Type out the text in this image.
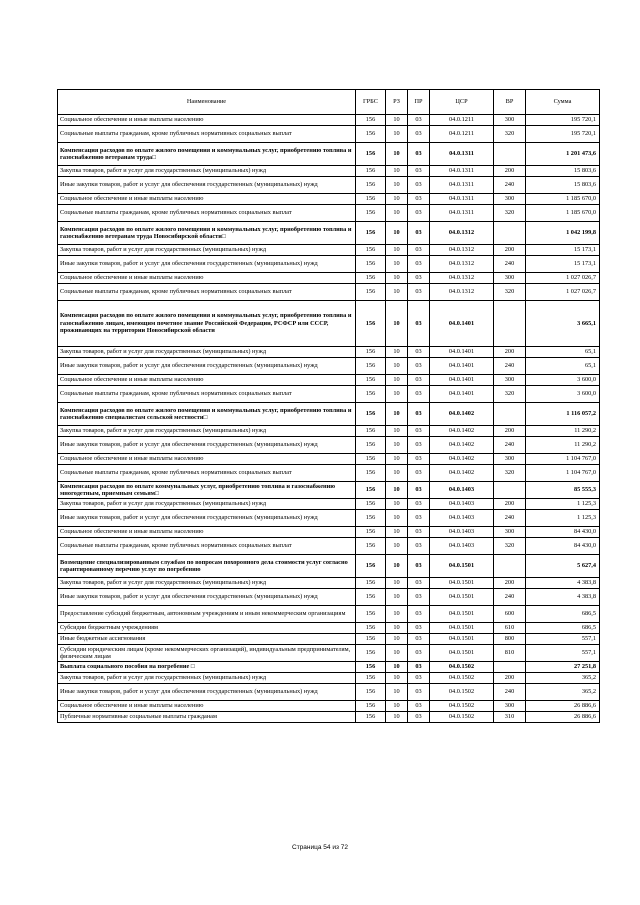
Наименование	ГРБС	РЗ	ПР	ЦСР	ВР	Сумма
Социальное обеспечение и иные выплаты населению	156	10	03	04.0.1211	300	195 720,1
Социальные выплаты гражданам, кроме публичных нормативных социальных выплат	156	10	03	04.0.1211	320	195 720,1
Компенсация расходов по оплате жилого помещения и коммунальных услуг, приобретению топлива и газоснабжению ветеранам труда□	156	10	03	04.0.1311		1 201 473,6
Закупка товаров, работ и услуг для государственных (муниципальных) нужд	156	10	03	04.0.1311	200	15 803,6
Иные закупки товаров, работ и услуг для обеспечения государственных (муниципальных) нужд	156	10	03	04.0.1311	240	15 803,6
Социальное обеспечение и иные выплаты населению	156	10	03	04.0.1311	300	1 185 670,0
Социальные выплаты гражданам, кроме публичных нормативных социальных выплат	156	10	03	04.0.1311	320	1 185 670,0
Компенсация расходов по оплате жилого помещения и коммунальных услуг, приобретению топлива и газоснабжению ветеранам труда Новосибирской области□	156	10	03	04.0.1312		1 042 199,8
Закупка товаров, работ и услуг для государственных (муниципальных) нужд	156	10	03	04.0.1312	200	15 173,1
Иные закупки товаров, работ и услуг для обеспечения государственных (муниципальных) нужд	156	10	03	04.0.1312	240	15 173,1
Социальное обеспечение и иные выплаты населению	156	10	03	04.0.1312	300	1 027 026,7
Социальные выплаты гражданам, кроме публичных нормативных социальных выплат	156	10	03	04.0.1312	320	1 027 026,7
Компенсация расходов по оплате жилого помещения и коммунальных услуг, приобретению топлива и газоснабжению лицам, имеющим почетное звание Российской Федерации, РСФСР или СССР, проживающих на территории Новосибирской области	156	10	03	04.0.1401		3 665,1
Закупка товаров, работ и услуг для государственных (муниципальных) нужд	156	10	03	04.0.1401	200	65,1
Иные закупки товаров, работ и услуг для обеспечения государственных (муниципальных) нужд	156	10	03	04.0.1401	240	65,1
Социальное обеспечение и иные выплаты населению	156	10	03	04.0.1401	300	3 600,0
Социальные выплаты гражданам, кроме публичных нормативных социальных выплат	156	10	03	04.0.1401	320	3 600,0
Компенсация расходов по оплате жилого помещения и коммунальных услуг, приобретению топлива и газоснабжению специалистам сельской местности□	156	10	03	04.0.1402		1 116 057,2
Закупка товаров, работ и услуг для государственных (муниципальных) нужд	156	10	03	04.0.1402	200	11 290,2
Иные закупки товаров, работ и услуг для обеспечения государственных (муниципальных) нужд	156	10	03	04.0.1402	240	11 290,2
Социальное обеспечение и иные выплаты населению	156	10	03	04.0.1402	300	1 104 767,0
Социальные выплаты гражданам, кроме публичных нормативных социальных выплат	156	10	03	04.0.1402	320	1 104 767,0
Компенсация расходов по оплате коммунальных услуг, приобретению топлива и газоснабжению многодетным, приемным семьям□	156	10	03	04.0.1403		85 555,3
Закупка товаров, работ и услуг для государственных (муниципальных) нужд	156	10	03	04.0.1403	200	1 125,3
Иные закупки товаров, работ и услуг для обеспечения государственных (муниципальных) нужд	156	10	03	04.0.1403	240	1 125,3
Социальное обеспечение и иные выплаты населению	156	10	03	04.0.1403	300	84 430,0
Социальные выплаты гражданам, кроме публичных нормативных социальных выплат	156	10	03	04.0.1403	320	84 430,0
Возмещение специализированным службам по вопросам похоронного дела стоимости услуг согласно гарантированному перечню услуг по погребению	156	10	03	04.0.1501		5 627,4
Закупка товаров, работ и услуг для государственных (муниципальных) нужд	156	10	03	04.0.1501	200	4 383,8
Иные закупки товаров, работ и услуг для обеспечения государственных (муниципальных) нужд	156	10	03	04.0.1501	240	4 383,8
Предоставление субсидий бюджетным, автономным учреждениям и иным некоммерческим организациям	156	10	03	04.0.1501	600	686,5
Субсидии бюджетным учреждениям	156	10	03	04.0.1501	610	686,5
Иные бюджетные ассигнования	156	10	03	04.0.1501	800	557,1
Субсидии юридическим лицам (кроме некоммерческих организаций), индивидуальным предпринимателям, физическим лицам	156	10	03	04.0.1501	810	557,1
Выплата социального пособия на погребение □	156	10	03	04.0.1502		27 251,8
Закупка товаров, работ и услуг для государственных (муниципальных) нужд	156	10	03	04.0.1502	200	365,2
Иные закупки товаров, работ и услуг для обеспечения государственных (муниципальных) нужд	156	10	03	04.0.1502	240	365,2
Социальное обеспечение и иные выплаты населению	156	10	03	04.0.1502	300	26 886,6
Публичные нормативные социальные выплаты гражданам	156	10	03	04.0.1502	310	26 886,6
Страница 54 из 72
